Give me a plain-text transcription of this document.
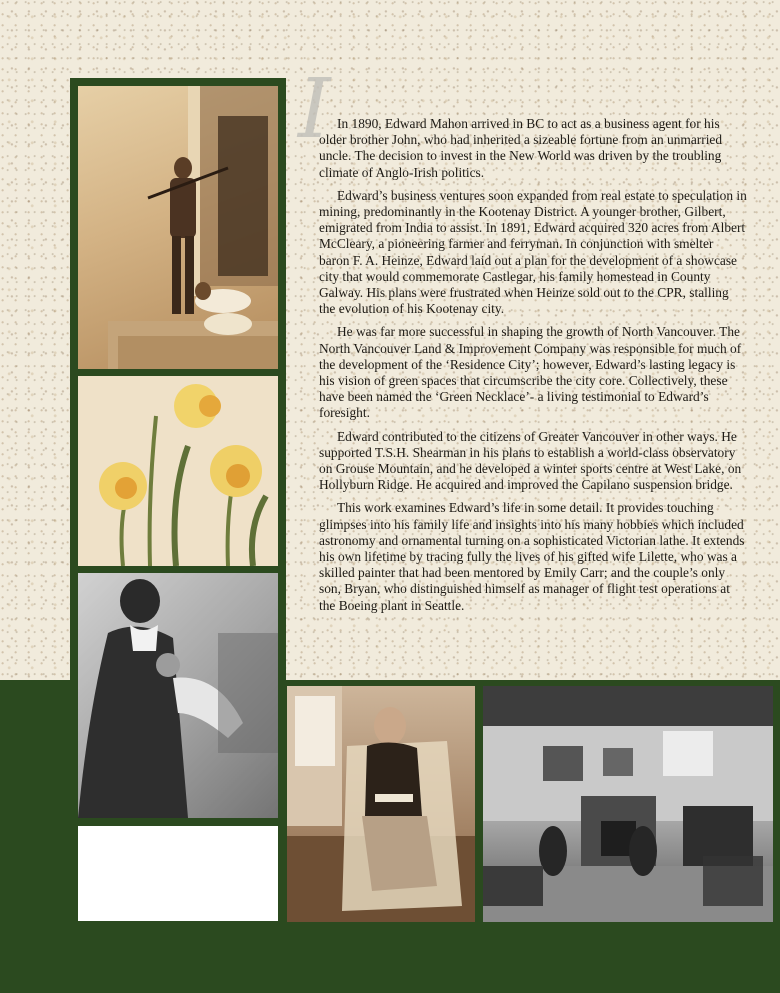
I In 1890, Edward Mahon arrived in BC to act as a business agent for his older brother John, who had inherited a sizeable fortune from an unmarried uncle. The decision to invest in the New World was driven by the troubling climate of Anglo-Irish politics.

Edward’s business ventures soon expanded from real estate to speculation in mining, predominantly in the Kootenay District. A younger brother, Gilbert, emigrated from India to assist. In 1891, Edward acquired 320 acres from Albert McCleary, a pioneering farmer and ferryman. In conjunction with smelter baron F. A. Heinze, Edward laid out a plan for the development of a showcase city that would commemorate Castlegar, his family homestead in County Galway. His plans were frustrated when Heinze sold out to the CPR, stalling the evolution of his Kootenay city.

He was far more successful in shaping the growth of North Vancouver. The North Vancouver Land & Improvement Company was responsible for much of the development of the ‘Residence City’; however, Edward’s lasting legacy is his vision of green spaces that circumscribe the city core. Collectively, these have been named the ‘Green Necklace’- a living testimonial to Edward’s foresight.

Edward contributed to the citizens of Greater Vancouver in other ways. He supported T.S.H. Shearman in his plans to establish a world-class observatory on Grouse Mountain, and he developed a winter sports centre at West Lake, on Hollyburn Ridge. He acquired and improved the Capilano suspension bridge.

This work examines Edward’s life in some detail. It provides touching glimpses into his family life and insights into his many hobbies which included astronomy and ornamental turning on a sophisticated Victorian lathe. It extends his own lifetime by tracing fully the lives of his gifted wife Lilette, who was a skilled painter that had been mentored by Emily Carr; and the couple’s only son, Bryan, who distinguished himself as manager of flight test operations at the Boeing plant in Seattle.
